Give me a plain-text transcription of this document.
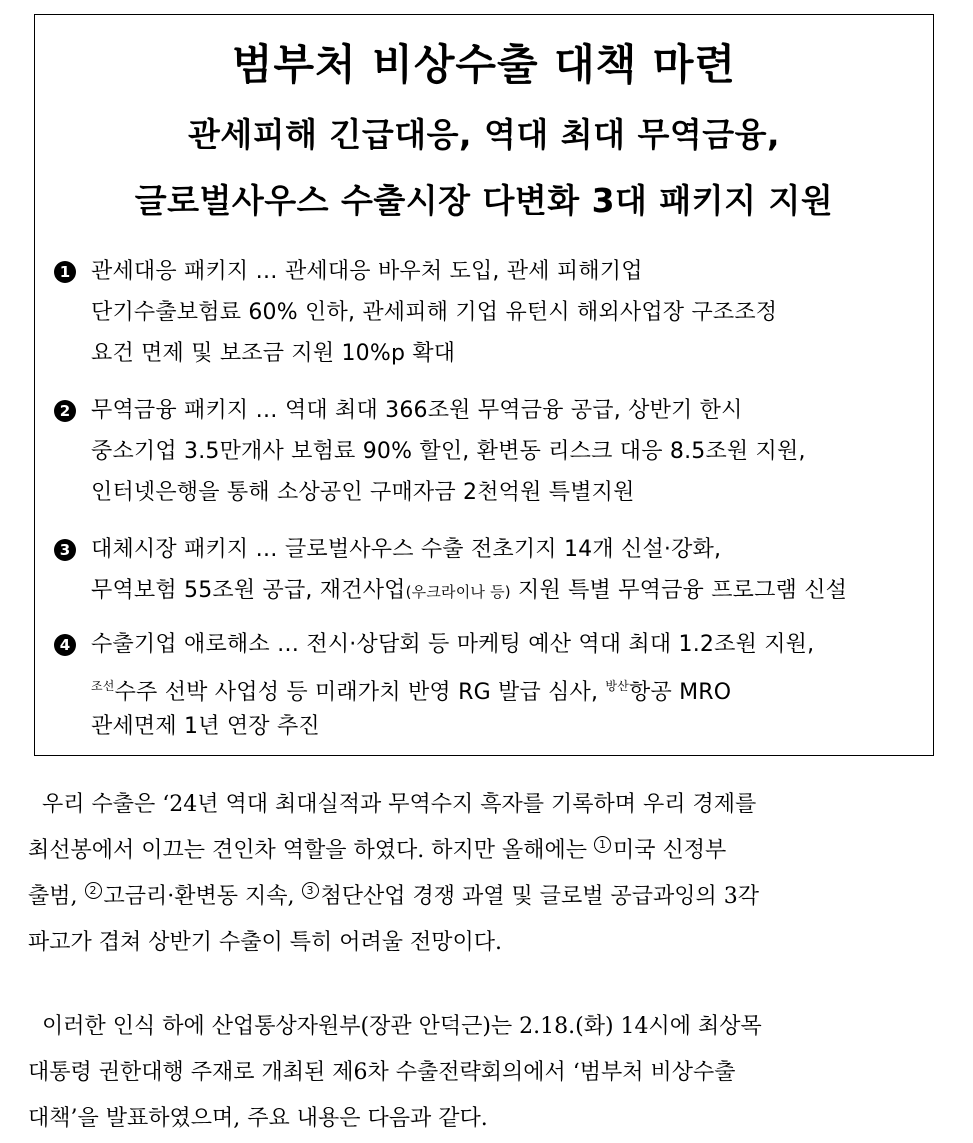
범부처 비상수출 대책 마련
관세피해 긴급대응, 역대 최대 무역금융,
글로벌사우스 수출시장 다변화 3대 패키지 지원
1 관세대응 패키지 … 관세대응 바우처 도입, 관세 피해기업
단기수출보험료 60% 인하, 관세피해 기업 유턴시 해외사업장 구조조정
요건 면제 및 보조금 지원 10%p 확대
2 무역금융 패키지 … 역대 최대 366조원 무역금융 공급, 상반기 한시
중소기업 3.5만개사 보험료 90% 할인, 환변동 리스크 대응 8.5조원 지원,
인터넷은행을 통해 소상공인 구매자금 2천억원 특별지원
3 대체시장 패키지 … 글로벌사우스 수출 전초기지 14개 신설·강화,
무역보험 55조원 공급, 재건사업(우크라이나 등) 지원 특별 무역금융 프로그램 신설
4 수출기업 애로해소 … 전시·상담회 등 마케팅 예산 역대 최대 1.2조원 지원,
$^{조선}$수주 선박 사업성 등 미래가치 반영 RG 발급 심사, $^{방산}$항공 MRO
관세면제 1년 연장 추진
우리 수출은 ‘24년 역대 최대실적과 무역수지 흑자를 기록하며 우리 경제를
최선봉에서 이끄는 견인차 역할을 하였다. 하지만 올해에는 1 미국 신정부
출범, 2 고금리·환변동 지속, 3 첨단산업 경쟁 과열 및 글로벌 공급과잉의 3각
파고가 겹쳐 상반기 수출이 특히 어려울 전망이다.
이러한 인식 하에 산업통상자원부(장관 안덕근)는 2.18.(화) 14시에 최상목
대통령 권한대행 주재로 개최된 제6차 수출전략회의에서 ‘범부처 비상수출
대책’을 발표하였으며, 주요 내용은 다음과 같다.
